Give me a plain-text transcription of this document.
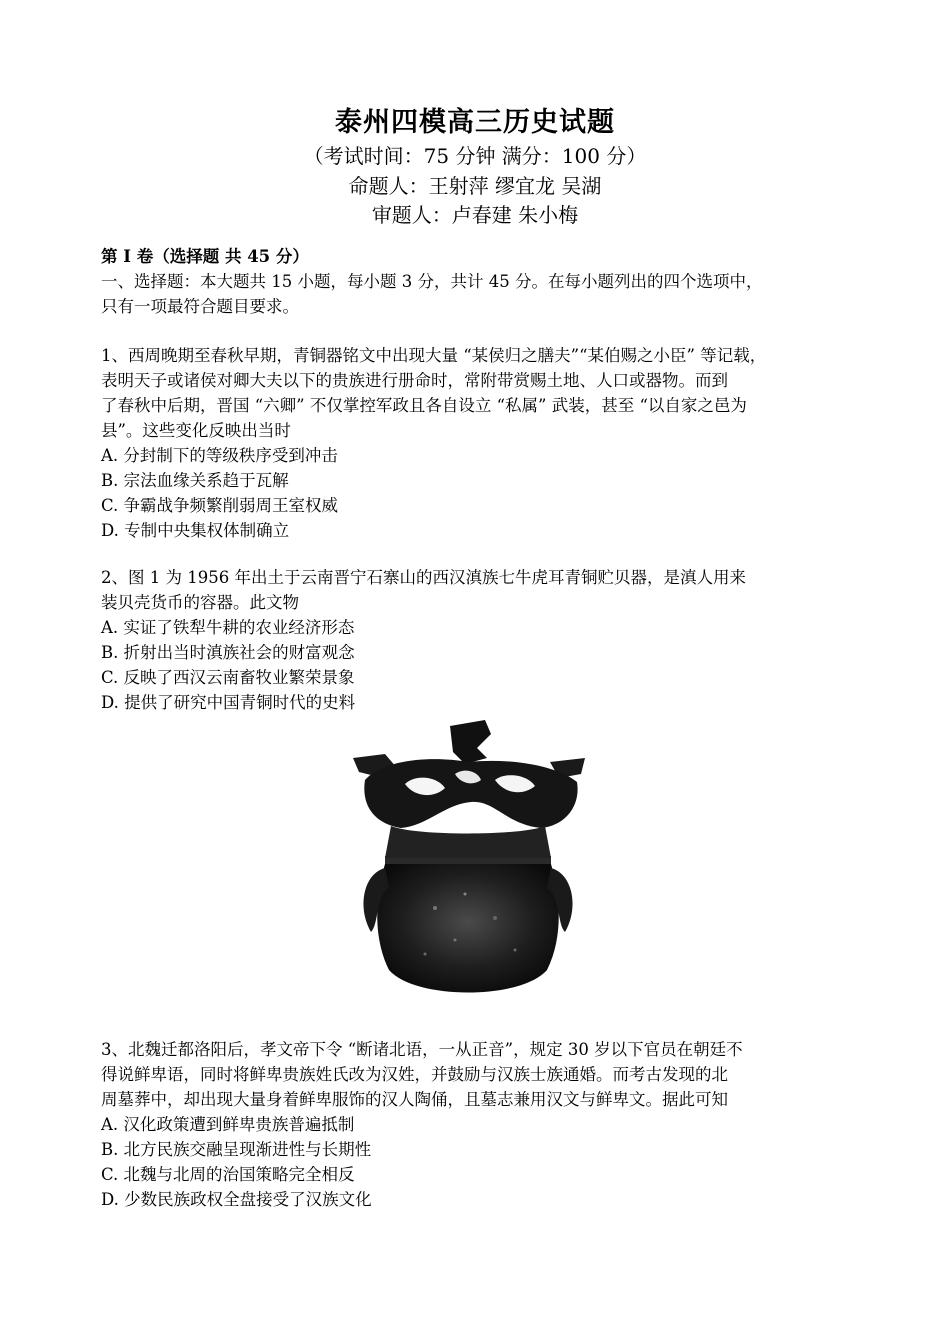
泰州四模高三历史试题
（考试时间：75 分钟 满分：100 分）
命题人：王射萍 缪宜龙 吴湖
审题人：卢春建 朱小梅
第 I 卷（选择题 共 45 分）
一、选择题：本大题共 15 小题，每小题 3 分，共计 45 分。在每小题列出的四个选项中，
只有一项最符合题目要求。
1、西周晚期至春秋早期，青铜器铭文中出现大量 “某侯归之膳夫”“某伯赐之小臣” 等记载，
表明天子或诸侯对卿大夫以下的贵族进行册命时，常附带赏赐土地、人口或器物。而到
了春秋中后期，晋国 “六卿” 不仅掌控军政且各自设立 “私属” 武装，甚至 “以自家之邑为
县”。这些变化反映出当时
A. 分封制下的等级秩序受到冲击
B. 宗法血缘关系趋于瓦解
C. 争霸战争频繁削弱周王室权威
D. 专制中央集权体制确立
2、图 1 为 1956 年出土于云南晋宁石寨山的西汉滇族七牛虎耳青铜贮贝器，是滇人用来
装贝壳货币的容器。此文物
A. 实证了铁犁牛耕的农业经济形态
B. 折射出当时滇族社会的财富观念
C. 反映了西汉云南畜牧业繁荣景象
D. 提供了研究中国青铜时代的史料
3、北魏迁都洛阳后，孝文帝下令 “断诸北语，一从正音”，规定 30 岁以下官员在朝廷不
得说鲜卑语，同时将鲜卑贵族姓氏改为汉姓，并鼓励与汉族士族通婚。而考古发现的北
周墓葬中，却出现大量身着鲜卑服饰的汉人陶俑，且墓志兼用汉文与鲜卑文。据此可知
A. 汉化政策遭到鲜卑贵族普遍抵制
B. 北方民族交融呈现渐进性与长期性
C. 北魏与北周的治国策略完全相反
D. 少数民族政权全盘接受了汉族文化
